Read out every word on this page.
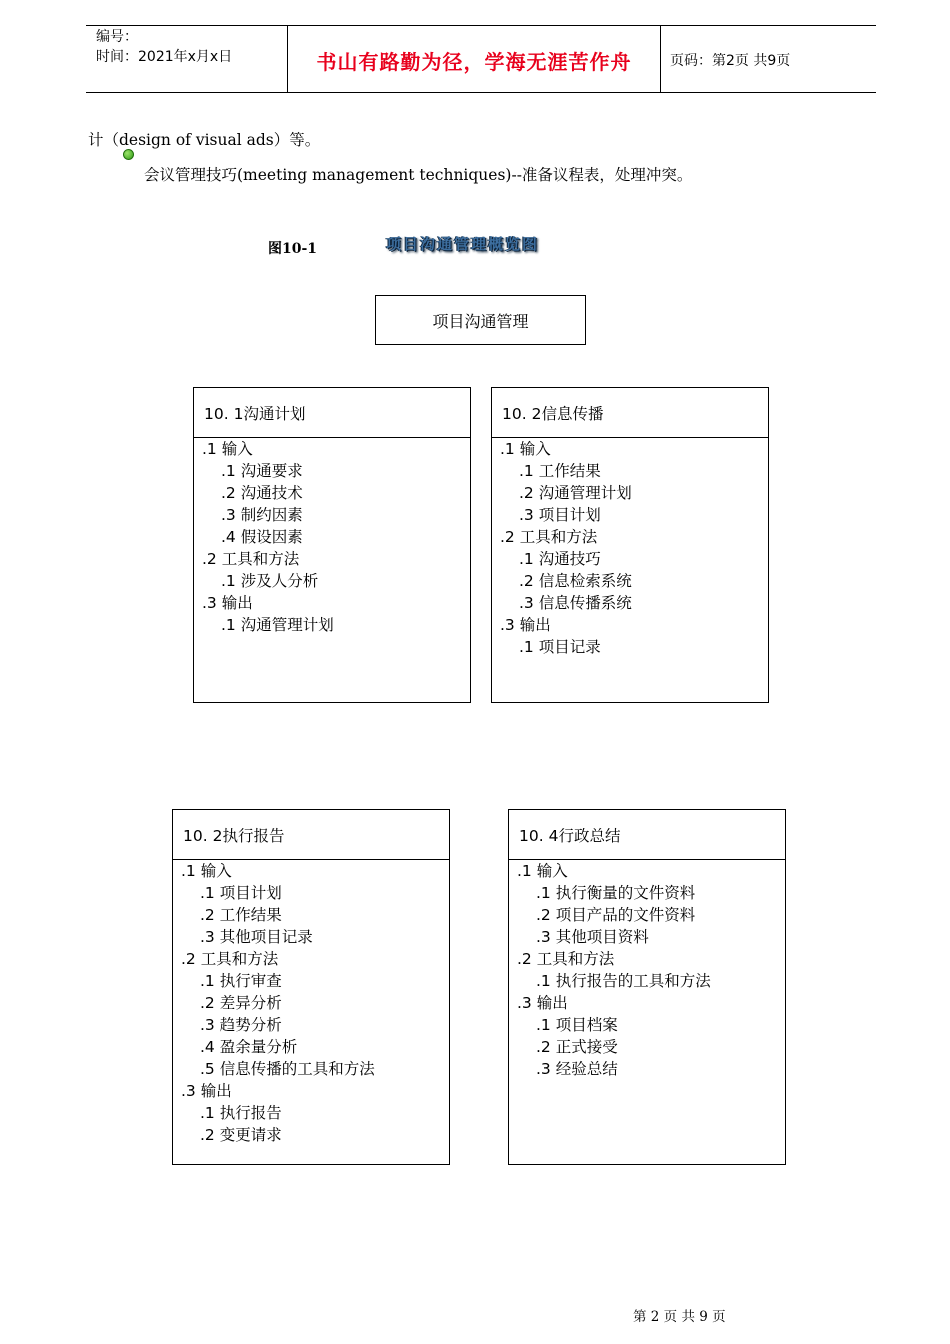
编号：
时间：2021年x月x日	书山有路勤为径，学海无涯苦作舟	页码：第2页 共9页
计（design of visual ads）等。
会议管理技巧(meeting management techniques)--准备议程表，处理冲突。
图10-1	项目沟通管理概览图
项目沟通管理
10. 1沟通计划
.1 输入
.1 沟通要求
.2 沟通技术
.3 制约因素
.4 假设因素
.2 工具和方法
.1 涉及人分析
.3 输出
.1 沟通管理计划
10. 2信息传播
.1 输入
.1 工作结果
.2 沟通管理计划
.3 项目计划
.2 工具和方法
.1 沟通技巧
.2 信息检索系统
.3 信息传播系统
.3 输出
.1 项目记录
10. 2执行报告
.1 输入
.1 项目计划
.2 工作结果
.3 其他项目记录
.2 工具和方法
.1 执行审查
.2 差异分析
.3 趋势分析
.4 盈余量分析
.5 信息传播的工具和方法
.3 输出
.1 执行报告
.2 变更请求
10. 4行政总结
.1 输入
.1 执行衡量的文件资料
.2 项目产品的文件资料
.3 其他项目资料
.2 工具和方法
.1 执行报告的工具和方法
.3 输出
.1 项目档案
.2 正式接受
.3 经验总结
第 2 页 共 9 页
